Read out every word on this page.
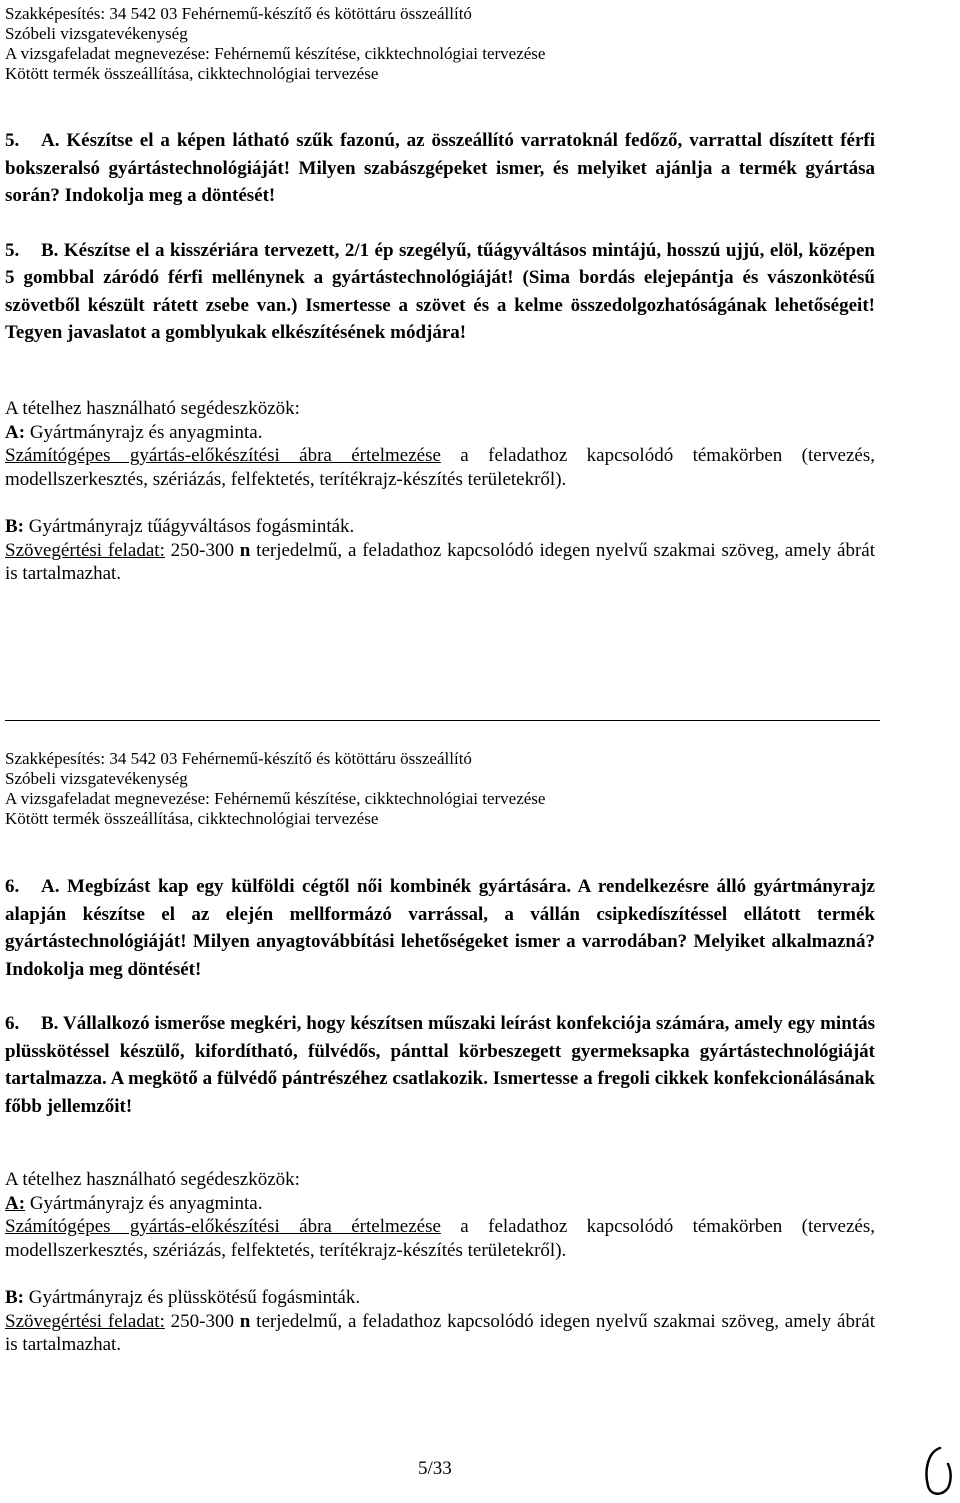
Szakképesítés: 34 542 03 Fehérnemű-készítő és kötöttáru összeállító
Szóbeli vizsgatevékenység
A vizsgafeladat megnevezése: Fehérnemű készítése, cikktechnológiai tervezése
Kötött termék összeállítása, cikktechnológiai tervezése
5. A. Készítse el a képen látható szűk fazonú, az összeállító varratoknál fedőző, varrattal díszített férfi bokszeralsó gyártástechnológiáját! Milyen szabászgépeket ismer, és melyiket ajánlja a termék gyártása során? Indokolja meg a döntését!
5. B. Készítse el a kisszériára tervezett, 2/1 ép szegélyű, tűágyváltásos mintájú, hosszú ujjú, elöl, középen 5 gombbal záródó férfi mellénynek a gyártástechnológiáját! (Sima bordás elejepántja és vászonkötésű szövetből készült rátett zsebe van.) Ismertesse a szövet és a kelme összedolgozhatóságának lehetőségeit! Tegyen javaslatot a gomblyukak elkészítésének módjára!
A tételhez használható segédeszközök:
A: Gyártmányrajz és anyagminta.
Számítógépes gyártás-előkészítési ábra értelmezése a feladathoz kapcsolódó témakörben (tervezés, modellszerkesztés, szériázás, felfektetés, terítékrajz-készítés területekről).
B: Gyártmányrajz tűágyváltásos fogásminták.
Szövegértési feladat: 250-300 n terjedelmű, a feladathoz kapcsolódó idegen nyelvű szakmai szöveg, amely ábrát is tartalmazhat.
Szakképesítés: 34 542 03 Fehérnemű-készítő és kötöttáru összeállító
Szóbeli vizsgatevékenység
A vizsgafeladat megnevezése: Fehérnemű készítése, cikktechnológiai tervezése
Kötött termék összeállítása, cikktechnológiai tervezése
6. A. Megbízást kap egy külföldi cégtől női kombinék gyártására. A rendelkezésre álló gyártmányrajz alapján készítse el az elején mellformázó varrással, a vállán csipkedíszítéssel ellátott termék gyártástechnológiáját! Milyen anyagtovábbítási lehetőségeket ismer a varrodában? Melyiket alkalmazná? Indokolja meg döntését!
6. B. Vállalkozó ismerőse megkéri, hogy készítsen műszaki leírást konfekciója számára, amely egy mintás plüsskötéssel készülő, kifordítható, fülvédős, pánttal körbeszegett gyermeksapka gyártástechnológiáját tartalmazza. A megkötő a fülvédő pántrészéhez csatlakozik. Ismertesse a fregoli cikkek konfekcionálásának főbb jellemzőit!
A tételhez használható segédeszközök:
A: Gyártmányrajz és anyagminta.
Számítógépes gyártás-előkészítési ábra értelmezése a feladathoz kapcsolódó témakörben (tervezés, modellszerkesztés, szériázás, felfektetés, terítékrajz-készítés területekről).
B: Gyártmányrajz és plüsskötésű fogásminták.
Szövegértési feladat: 250-300 n terjedelmű, a feladathoz kapcsolódó idegen nyelvű szakmai szöveg, amely ábrát is tartalmazhat.
5/33
